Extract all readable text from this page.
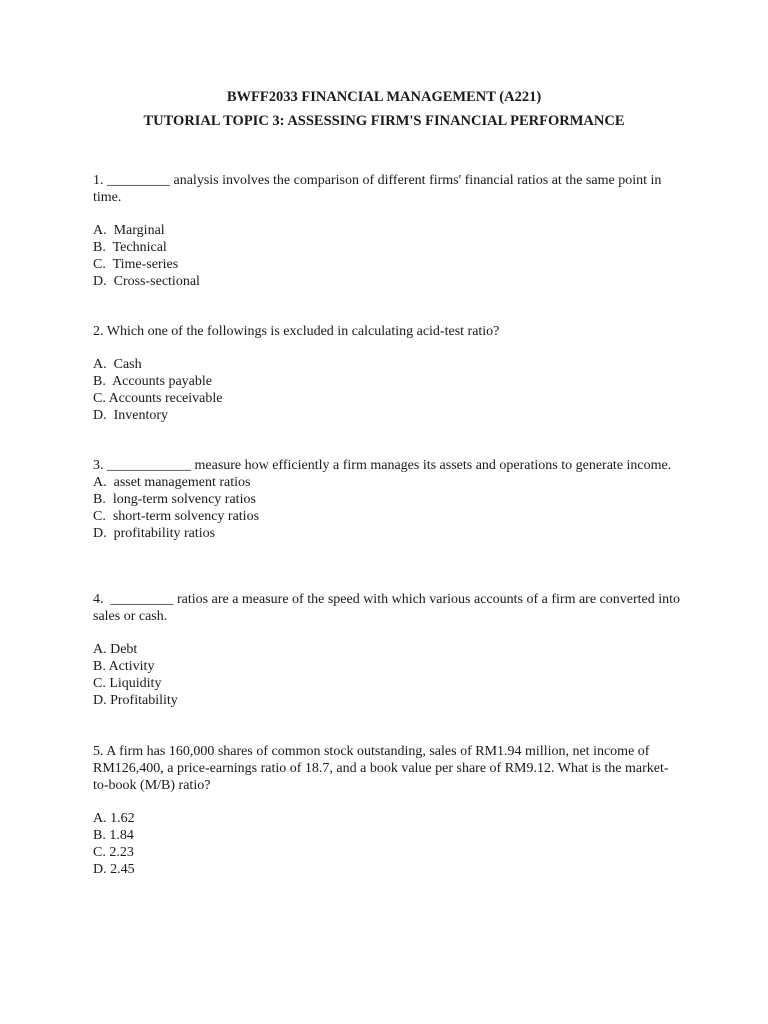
BWFF2033 FINANCIAL MANAGEMENT (A221)
TUTORIAL TOPIC 3: ASSESSING FIRM'S FINANCIAL PERFORMANCE

1. _________ analysis involves the comparison of different firms' financial ratios at the same point in time.

A.  Marginal
B.  Technical
C.  Time-series
D.  Cross-sectional

2. Which one of the followings is excluded in calculating acid-test ratio?

A.  Cash
B.  Accounts payable
C. Accounts receivable
D.  Inventory

3. ____________ measure how efficiently a firm manages its assets and operations to generate income.

A.  asset management ratios
B.  long-term solvency ratios
C.  short-term solvency ratios
D.  profitability ratios

4. _________ ratios are a measure of the speed with which various accounts of a firm are converted into sales or cash.

A. Debt
B. Activity
C. Liquidity
D. Profitability

5. A firm has 160,000 shares of common stock outstanding, sales of RM1.94 million, net income of RM126,400, a price-earnings ratio of 18.7, and a book value per share of RM9.12. What is the market-to-book (M/B) ratio?

A. 1.62
B. 1.84
C. 2.23
D. 2.45
